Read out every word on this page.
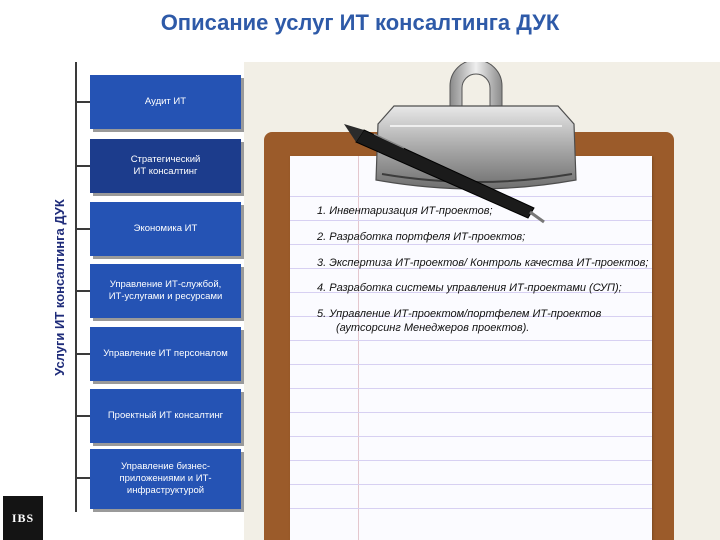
Описание услуг ИТ консалтинга ДУК
Услуги ИТ консалтинга ДУК
Аудит ИТ
Стратегический
ИТ консалтинг
Экономика ИТ
Управление ИТ-службой,
ИТ-услугами и ресурсами
Управление ИТ персоналом
Проектный ИТ консалтинг
Управление бизнес-
приложениями и ИТ-
инфраструктурой
1. Инвентаризация ИТ-проектов;
2. Разработка портфеля ИТ-проектов;
3. Экспертиза ИТ-проектов/ Контроль качества ИТ-проектов;
4. Разработка системы управления ИТ-проектами (СУП);
5. Управление ИТ-проектом/портфелем ИТ-проектов (аутсорсинг Менеджеров проектов).
IBS
